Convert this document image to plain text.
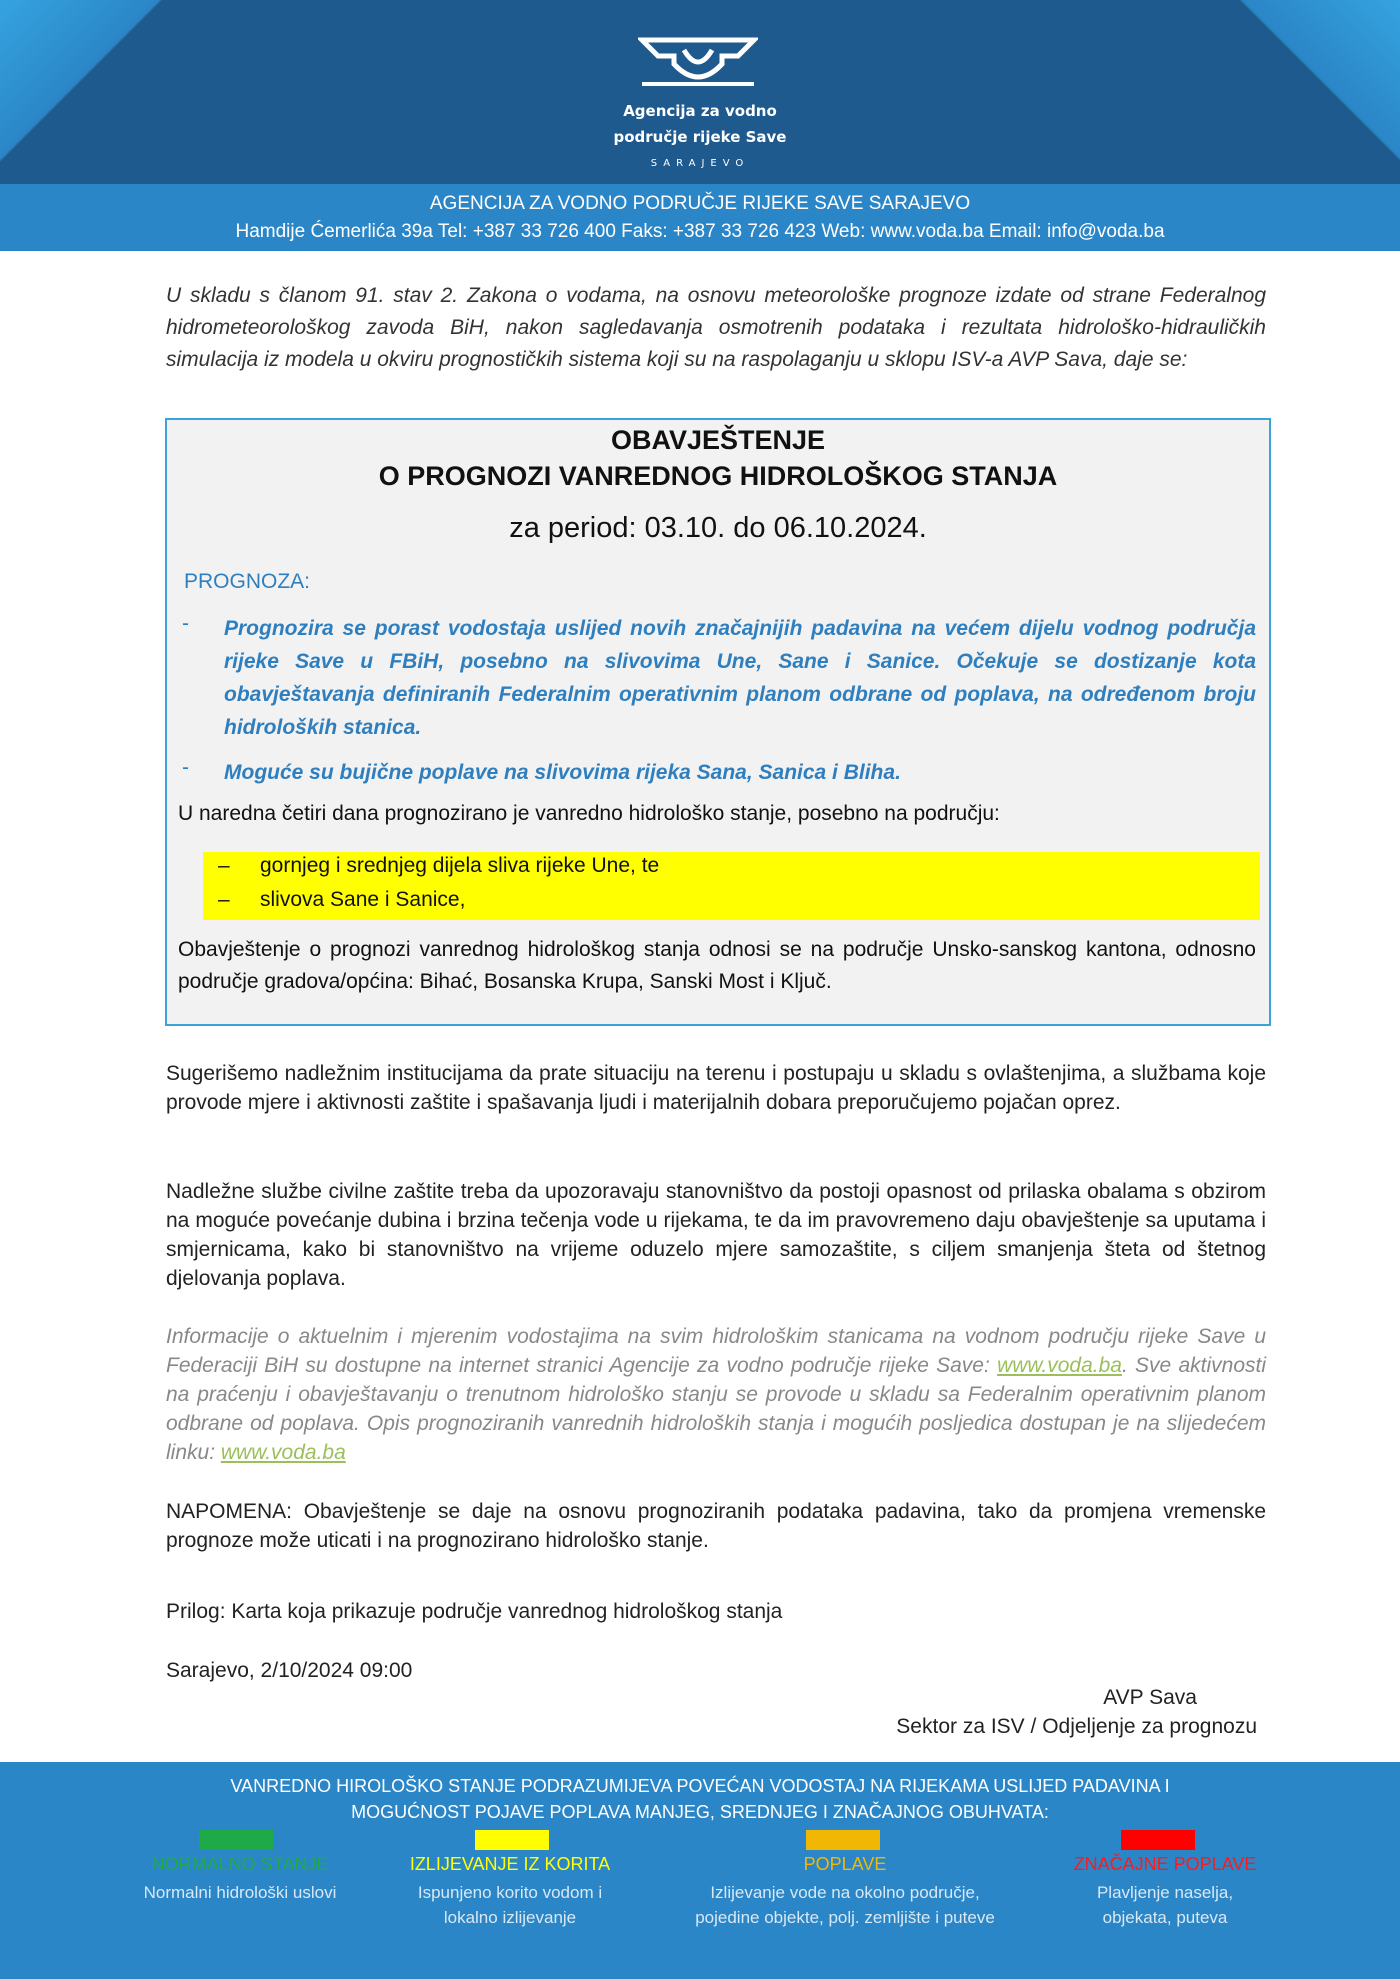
Agencija za vodno
područje rijeke Save
SARAJEVO
AGENCIJA ZA VODNO PODRUČJE RIJEKE SAVE SARAJEVO
Hamdije Ćemerlića 39a Tel: +387 33 726 400 Faks: +387 33 726 423 Web: www.voda.ba Email: info@voda.ba
U skladu s članom 91. stav 2. Zakona o vodama, na osnovu meteorološke prognoze izdate od strane Federalnog hidrometeorološkog zavoda BiH, nakon sagledavanja osmotrenih podataka i rezultata hidrološko-hidrauličkih simulacija iz modela u okviru prognostičkih sistema koji su na raspolaganju u sklopu ISV-a AVP Sava, daje se:
OBAVJEŠTENJE
O PROGNOZI VANREDNOG HIDROLOŠKOG STANJA
za period: 03.10. do 06.10.2024.
PROGNOZA:
- Prognozira se porast vodostaja uslijed novih značajnijih padavina na većem dijelu vodnog područja rijeke Save u FBiH, posebno na slivovima Une, Sane i Sanice. Očekuje se dostizanje kota obavještavanja definiranih Federalnim operativnim planom odbrane od poplava, na određenom broju hidroloških stanica.
- Moguće su bujične poplave na slivovima rijeka Sana, Sanica i Bliha.
U naredna četiri dana prognozirano je vanredno hidrološko stanje, posebno na području:
– gornjeg i srednjeg dijela sliva rijeke Une, te
– slivova Sane i Sanice,
Obavještenje o prognozi vanrednog hidrološkog stanja odnosi se na područje Unsko-sanskog kantona, odnosno područje gradova/općina: Bihać, Bosanska Krupa, Sanski Most i Ključ.
Sugerišemo nadležnim institucijama da prate situaciju na terenu i postupaju u skladu s ovlaštenjima, a službama koje provode mjere i aktivnosti zaštite i spašavanja ljudi i materijalnih dobara preporučujemo pojačan oprez.
Nadležne službe civilne zaštite treba da upozoravaju stanovništvo da postoji opasnost od prilaska obalama s obzirom na moguće povećanje dubina i brzina tečenja vode u rijekama, te da im pravovremeno daju obavještenje sa uputama i smjernicama, kako bi stanovništvo na vrijeme oduzelo mjere samozaštite, s ciljem smanjenja šteta od štetnog djelovanja poplava.
Informacije o aktuelnim i mjerenim vodostajima na svim hidrološkim stanicama na vodnom području rijeke Save u Federaciji BiH su dostupne na internet stranici Agencije za vodno područje rijeke Save: www.voda.ba. Sve aktivnosti na praćenju i obavještavanju o trenutnom hidrološko stanju se provode u skladu sa Federalnim operativnim planom odbrane od poplava. Opis prognoziranih vanrednih hidroloških stanja i mogućih posljedica dostupan je na slijedećem linku: www.voda.ba
NAPOMENA: Obavještenje se daje na osnovu prognoziranih podataka padavina, tako da promjena vremenske prognoze može uticati i na prognozirano hidrološko stanje.
Prilog: Karta koja prikazuje područje vanrednog hidrološkog stanja
Sarajevo, 2/10/2024 09:00
AVP Sava
Sektor za ISV / Odjeljenje za prognozu
VANREDNO HIROLOŠKO STANJE PODRAZUMIJEVA POVEĆAN VODOSTAJ NA RIJEKAMA USLIJED PADAVINA I
MOGUĆNOST POJAVE POPLAVA MANJEG, SREDNJEG I ZNAČAJNOG OBUHVATA:
NORMALNO STANJE
Normalni hidrološki uslovi
IZLIJEVANJE IZ KORITA
Ispunjeno korito vodom i
lokalno izlijevanje
POPLAVE
Izlijevanje vode na okolno područje,
pojedine objekte, polj. zemljište i puteve
ZNAČAJNE POPLAVE
Plavljenje naselja,
objekata, puteva
